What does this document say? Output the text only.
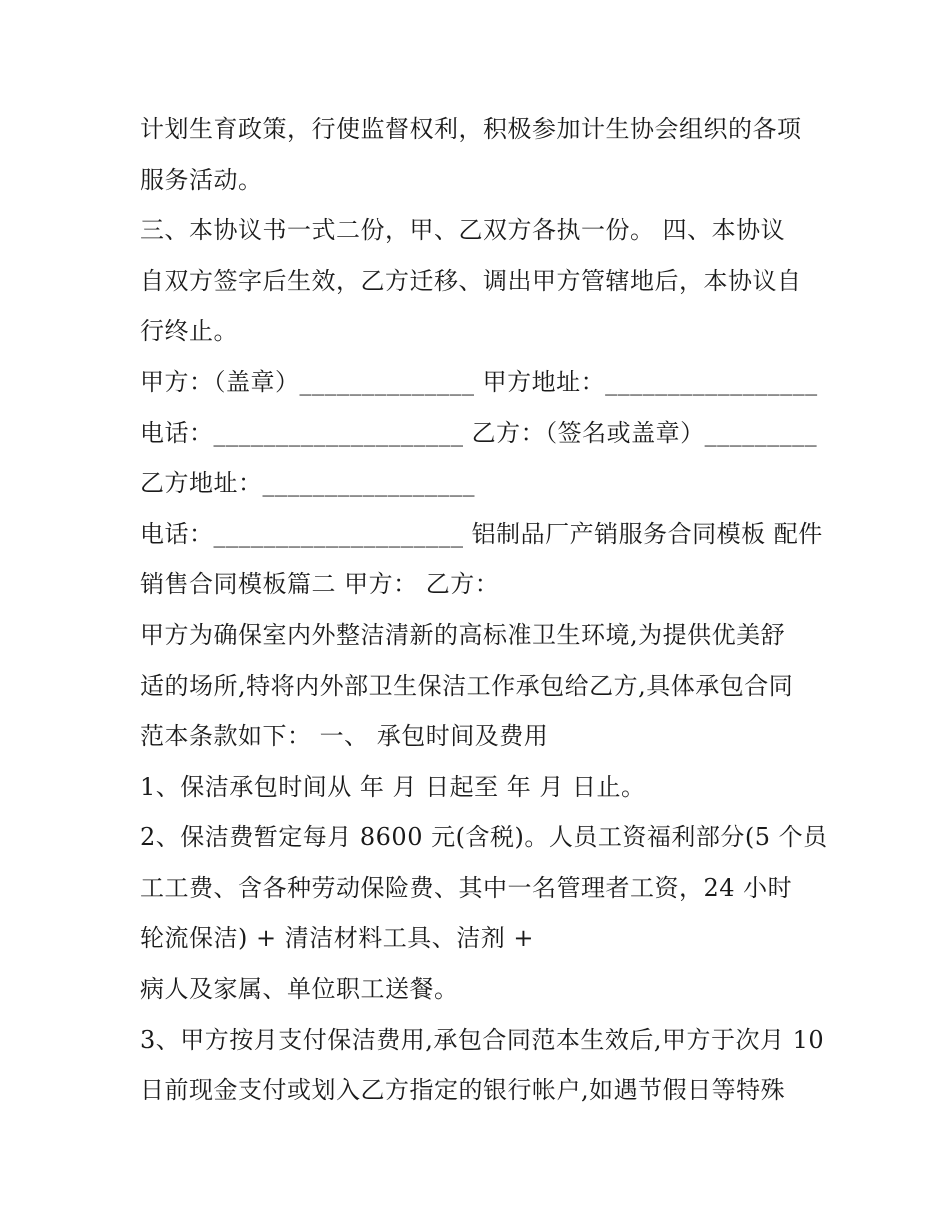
计划生育政策，行使监督权利，积极参加计生协会组织的各项
服务活动。
三、本协议书一式二份，甲、乙双方各执一份。 四、本协议
自双方签字后生效，乙方迁移、调出甲方管辖地后，本协议自
行终止。
甲方：（盖章）______________ 甲方地址：_________________
电话：____________________ 乙方：（签名或盖章）_________
乙方地址：_________________
电话：____________________ 铝制品厂产销服务合同模板 配件
销售合同模板篇二 甲方： 乙方：
甲方为确保室内外整洁清新的高标准卫生环境,为提供优美舒
适的场所,特将内外部卫生保洁工作承包给乙方,具体承包合同
范本条款如下： 一、 承包时间及费用
1、保洁承包时间从 年 月 日起至 年 月 日止。
2、保洁费暂定每月 8600 元(含税)。人员工资福利部分(5 个员
工工费、含各种劳动保险费、其中一名管理者工资，24 小时
轮流保洁) + 清洁材料工具、洁剂 +
病人及家属、单位职工送餐。
3、甲方按月支付保洁费用,承包合同范本生效后,甲方于次月 10
日前现金支付或划入乙方指定的银行帐户,如遇节假日等特殊
